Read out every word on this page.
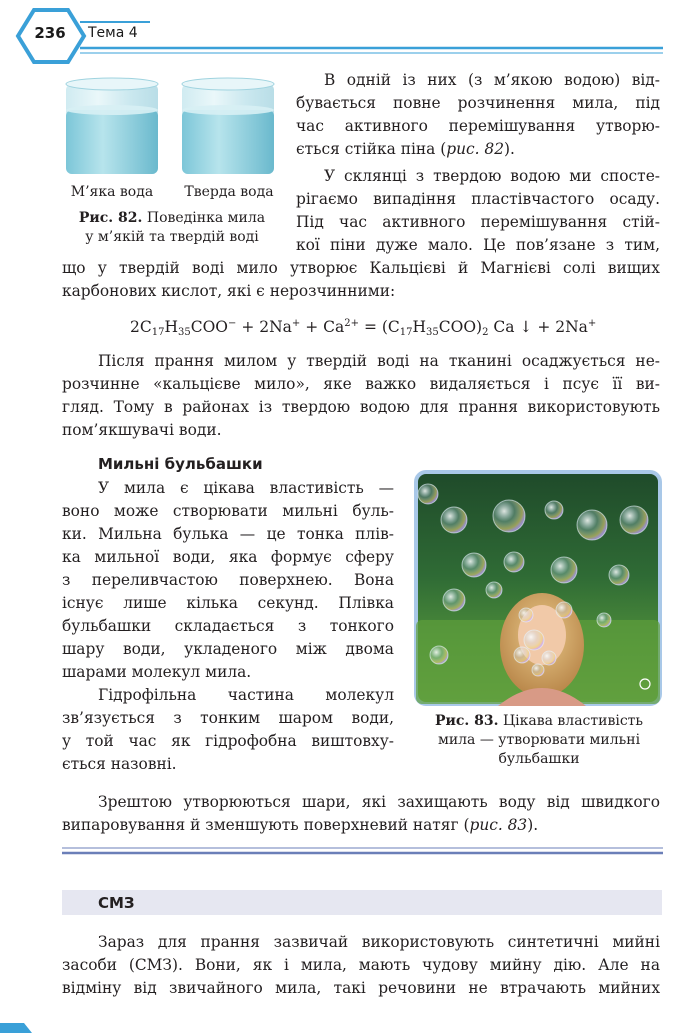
236	Тема 4
М’яка вода	Тверда вода
Рис. 82. Поведінка мила
у м’якій та твердій воді
В одній із них (з м’якою водою) від-
бувається повне розчинення мила, під
час активного перемішування утворю-
ється стійка піна (рис. 82).
У склянці з твердою водою ми спосте-
рігаємо випадіння пластівчастого осаду.
Під час активного перемішування стій-
кої піни дуже мало. Це пов’язане з тим,
що у твердій воді мило утворює Кальцієві й Магнієві солі вищих
карбонових кислот, які є нерозчинними:
$2C_{17}H_{35}COO^- + 2Na^+ + Ca^{2+} = (C_{17}H_{35}COO)_2$ Ca ↓ + 2Na+
Після прання милом у твердій воді на тканині осаджується не-
розчинне «кальцієве мило», яке важко видаляється і псує її ви-
гляд. Тому в районах із твердою водою для прання використовують
пом’якшувачі води.
Мильні бульбашки
У мила є цікава властивість —
воно може створювати мильні буль-
ки. Мильна булька — це тонка плів-
ка мильної води, яка формує сферу
з переливчастою поверхнею. Вона
існує лише кілька секунд. Плівка
бульбашки складається з тонкого
шару води, укладеного між двома
шарами молекул мила.
Гідрофільна частина молекул
зв’язується з тонким шаром води,
у той час як гідрофобна виштовху-
ється назовні.
Рис. 83. Цікава властивість
мила — утворювати мильні
бульбашки
Зрештою утворюються шари, які захищають воду від швидкого
випаровування й зменшують поверхневий натяг (рис. 83).
СМЗ
Зараз для прання зазвичай використовують синтетичні мийні
засоби (СМЗ). Вони, як і мила, мають чудову мийну дію. Але на
відміну від звичайного мила, такі речовини не втрачають мийних
